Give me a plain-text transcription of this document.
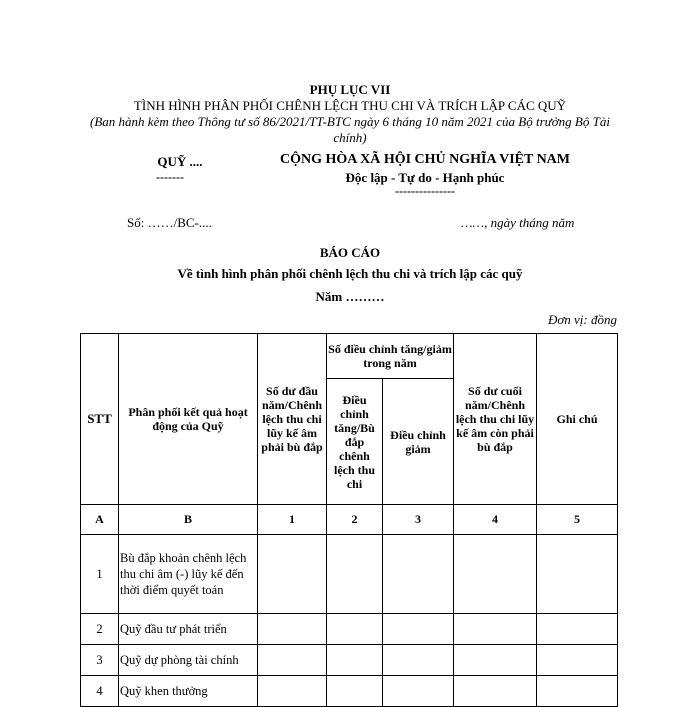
PHỤ LỤC VII
TÌNH HÌNH PHÂN PHỐI CHÊNH LỆCH THU CHI VÀ TRÍCH LẬP CÁC QUỸ
(Ban hành kèm theo Thông tư số 86/2021/TT-BTC ngày 6 tháng 10 năm 2021 của Bộ trưởng Bộ Tài chính)
QUỸ ....
-------
CỘNG HÒA XÃ HỘI CHỦ NGHĨA VIỆT NAM
Độc lập - Tự do - Hạnh phúc
---------------
Số: ……/BC-....	……, ngày tháng năm
BÁO CÁO
Về tình hình phân phối chênh lệch thu chi và trích lập các quỹ
Năm ………
Đơn vị: đồng
STT	Phân phối kết quả hoạt động của Quỹ	Số dư đầu năm/Chênh lệch thu chi lũy kế âm phải bù đắp	Số điều chỉnh tăng/giảm trong năm		Số dư cuối năm/Chênh lệch thu chi lũy kế âm còn phải bù đắp	Ghi chú
			Điều chỉnh tăng/Bù đắp chênh lệch thu chi	Điều chỉnh giảm		
A	B	1	2	3	4	5
1	Bù đắp khoản chênh lệch thu chi âm (-) lũy kế đến thời điểm quyết toán					
2	Quỹ đầu tư phát triển					
3	Quỹ dự phòng tài chính					
4	Quỹ khen thưởng					
